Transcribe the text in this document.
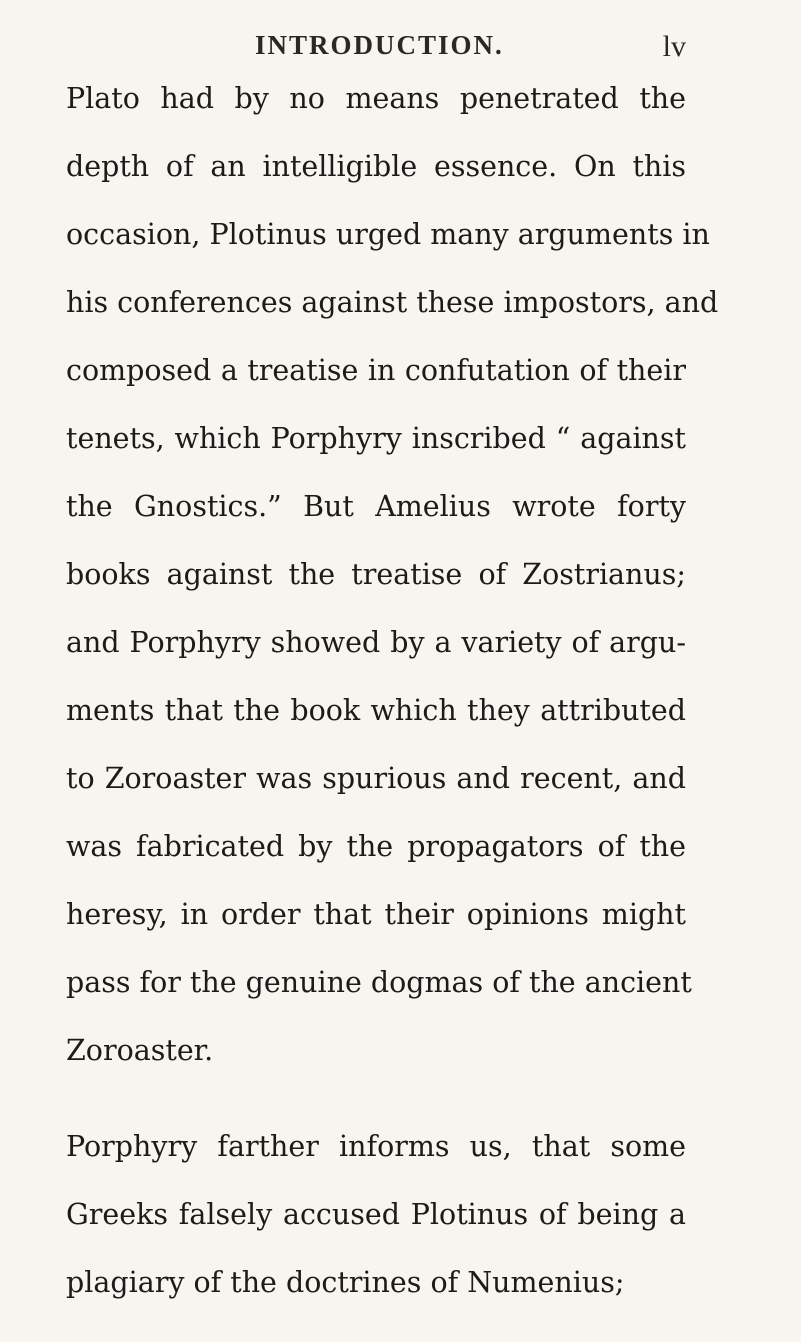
INTRODUCTION.	lv
Plato had by no means penetrated the
depth of an intelligible essence. On this
occasion, Plotinus urged many arguments in
his conferences against these impostors, and
composed a treatise in confutation of their
tenets, which Porphyry inscribed “ against
the Gnostics.” But Amelius wrote forty
books against the treatise of Zostrianus;
and Porphyry showed by a variety of argu-
ments that the book which they attributed
to Zoroaster was spurious and recent, and
was fabricated by the propagators of the
heresy, in order that their opinions might
pass for the genuine dogmas of the ancient
Zoroaster.
Porphyry farther informs us, that some
Greeks falsely accused Plotinus of being a
plagiary of the doctrines of Numenius;
